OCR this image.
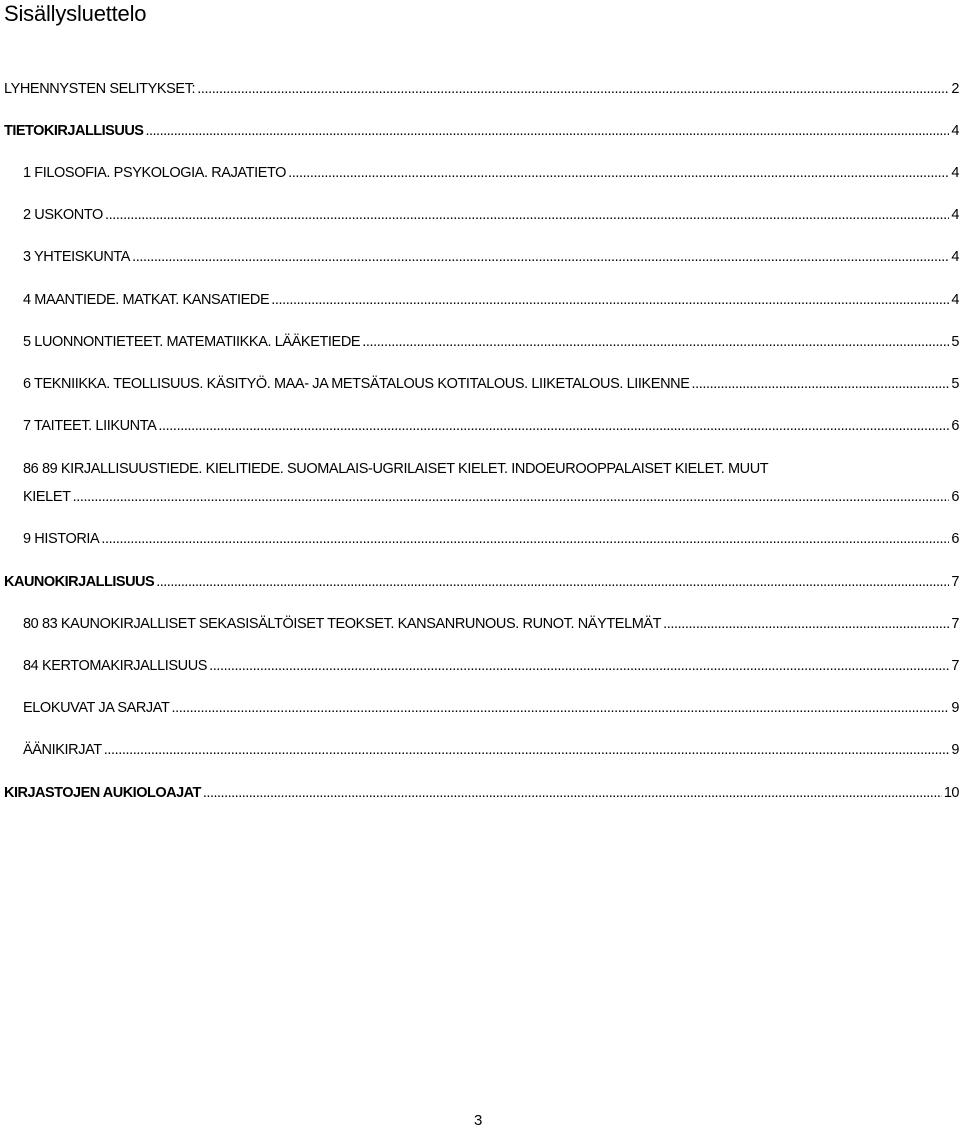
Sisällysluettelo
LYHENNYSTEN SELITYKSET: .....	2
TIETOKIRJALLISUUS .....	4
1 FILOSOFIA. PSYKOLOGIA. RAJATIETO .....	4
2 USKONTO .....	4
3 YHTEISKUNTA .....	4
4 MAANTIEDE. MATKAT. KANSATIEDE .....	4
5 LUONNONTIETEET. MATEMATIIKKA. LÄÄKETIEDE .....	5
6 TEKNIIKKA. TEOLLISUUS. KÄSITYÖ. MAA- JA METSÄTALOUS KOTITALOUS. LIIKETALOUS. LIIKENNE .....	5
7 TAITEET. LIIKUNTA .....	6
86 89 KIRJALLISUUSTIEDE. KIELITIEDE. SUOMALAIS-UGRILAISET KIELET. INDOEUROOPPALAISET KIELET. MUUT
KIELET .....	6
9 HISTORIA .....	6
KAUNOKIRJALLISUUS .....	7
80 83 KAUNOKIRJALLISET SEKASISÄLTÖISET TEOKSET. KANSANRUNOUS. RUNOT. NÄYTELMÄT .....	7
84 KERTOMAKIRJALLISUUS .....	7
ELOKUVAT JA SARJAT .....	9
ÄÄNIKIRJAT .....	9
KIRJASTOJEN AUKIOLOAJAT .....	10
3
